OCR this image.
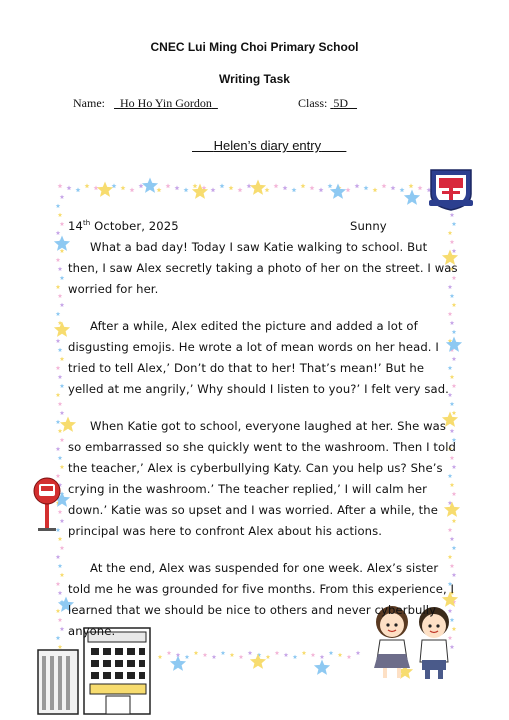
CNEC Lui Ming Choi Primary School
Writing Task
Name: Ho Ho Yin Gordon	Class: 5D
Helen’s diary entry
14th October, 2025	Sunny

What a bad day! Today I saw Katie walking to school. But then, I saw Alex secretly taking a photo of her on the street. I was worried for her.

After a while, Alex edited the picture and added a lot of disgusting emojis. He wrote a lot of mean words on her head. I tried to tell Alex,’ Don’t do that to her! That’s mean!’ But he yelled at me angrily,’ Why should I listen to you?’ I felt very sad.

When Katie got to school, everyone laughed at her. She was so embarrassed so she quickly went to the washroom. Then I told the teacher,’ Alex is cyberbullying Katy. Can you help us? She’s crying in the washroom.’ The teacher replied,’ I will calm her down.’ Katie was so upset and I was worried. After a while, the principal was here to confront Alex about his actions.

At the end, Alex was suspended for one week. Alex’s sister told me he was grounded for five months. From this experience, I learned that we should be nice to others and never cyberbully anyone.
